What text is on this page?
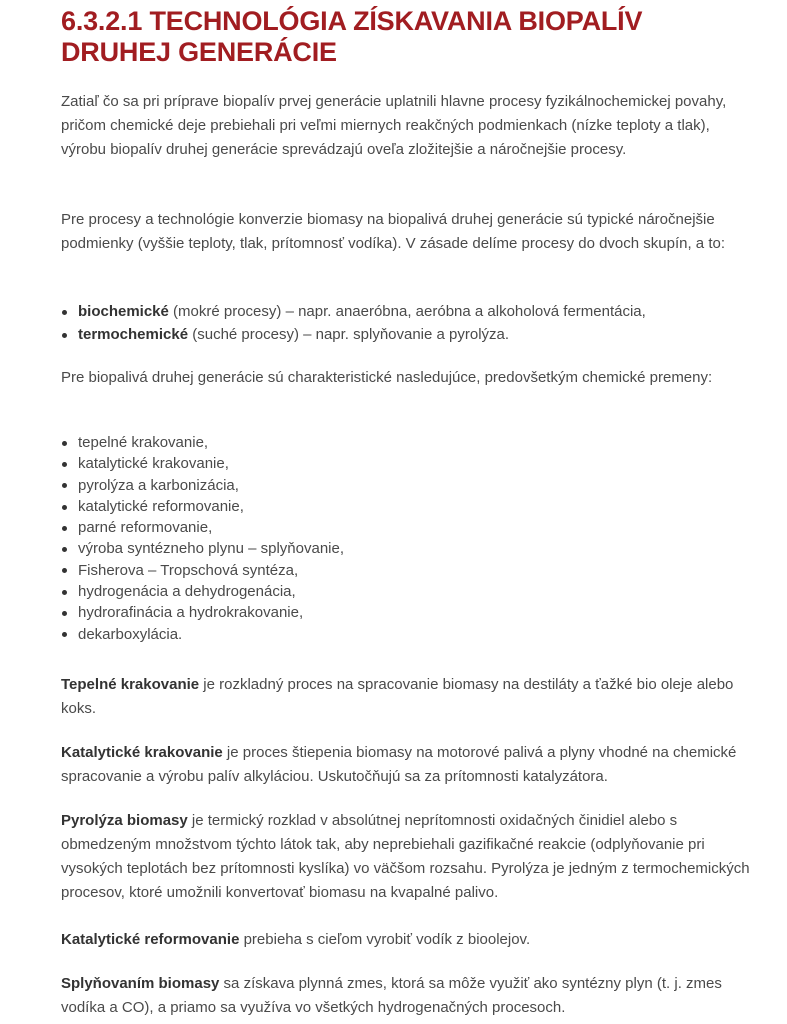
6.3.2.1 TECHNOLÓGIA ZÍSKAVANIA BIOPALÍV DRUHEJ GENERÁCIE

Zatiaľ čo sa pri príprave biopalív prvej generácie uplatnili hlavne procesy fyzikálnochemickej povahy, pričom chemické deje prebiehali pri veľmi miernych reakčných podmienkach (nízke teploty a tlak), výrobu biopalív druhej generácie sprevádzajú oveľa zložitejšie a náročnejšie procesy.

Pre procesy a technológie konverzie biomasy na biopalivá druhej generácie sú typické náročnejšie podmienky (vyššie teploty, tlak, prítomnosť vodíka). V zásade delíme procesy do dvoch skupín, a to:

biochemické (mokré procesy) – napr. anaeróbna, aeróbna a alkoholová fermentácia,
termochemické (suché procesy) – napr. splyňovanie a pyrolýza.

Pre biopalivá druhej generácie sú charakteristické nasledujúce, predovšetkým chemické premeny:

tepelné krakovanie,
katalytické krakovanie,
pyrolýza a karbonizácia,
katalytické reformovanie,
parné reformovanie,
výroba syntézneho plynu – splyňovanie,
Fisherova – Tropschová syntéza,
hydrogenácia a dehydrogenácia,
hydrorafinácia a hydrokrakovanie,
dekarboxylácia.

Tepelné krakovanie je rozkladný proces na spracovanie biomasy na destiláty a ťažké bio oleje alebo koks.

Katalytické krakovanie je proces štiepenia biomasy na motorové palivá a plyny vhodné na chemické spracovanie a výrobu palív alkyláciou. Uskutočňujú sa za prítomnosti katalyzátora.

Pyrolýza biomasy je termický rozklad v absolútnej neprítomnosti oxidačných činidiel alebo s obmedzeným množstvom týchto látok tak, aby neprebiehali gazifikačné reakcie (odplyňovanie pri vysokých teplotách bez prítomnosti kyslíka) vo väčšom rozsahu. Pyrolýza je jedným z termochemických procesov, ktoré umožnili konvertovať biomasu na kvapalné palivo.

Katalytické reformovanie prebieha s cieľom vyrobiť vodík z bioolejov.

Splyňovaním biomasy sa získava plynná zmes, ktorá sa môže využiť ako syntézny plyn (t. j. zmes vodíka a CO), a priamo sa využíva vo všetkých hydrogenačných procesoch.
